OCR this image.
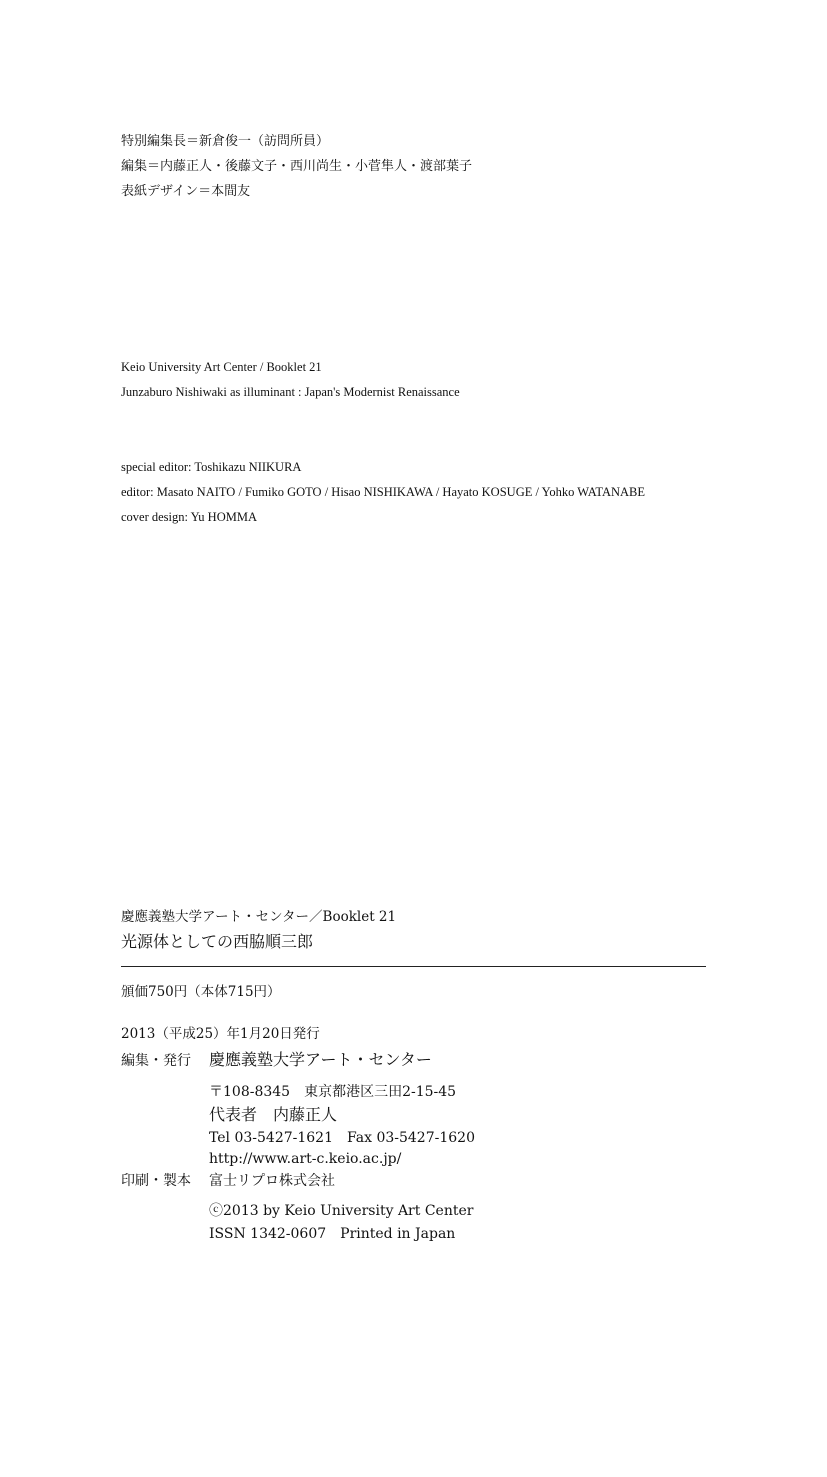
特別編集長＝新倉俊一（訪問所員）
編集＝内藤正人・後藤文子・西川尚生・小菅隼人・渡部葉子
表紙デザイン＝本間友
Keio University Art Center / Booklet 21
Junzaburo Nishiwaki as illuminant : Japan's Modernist Renaissance
special editor: Toshikazu NIIKURA
editor: Masato NAITO / Fumiko GOTO / Hisao NISHIKAWA / Hayato KOSUGE / Yohko WATANABE
cover design: Yu HOMMA
慶應義塾大学アート・センター／Booklet 21
光源体としての西脇順三郎
頒価750円（本体715円）
2013（平成25）年1月20日発行
編集・発行 慶應義塾大学アート・センター
〒108-8345　東京都港区三田2-15-45
代表者　内藤正人
Tel 03-5427-1621　Fax 03-5427-1620
http://www.art-c.keio.ac.jp/
印刷・製本 富士リプロ株式会社
ⓒ2013 by Keio University Art Center
ISSN 1342-0607　Printed in Japan
